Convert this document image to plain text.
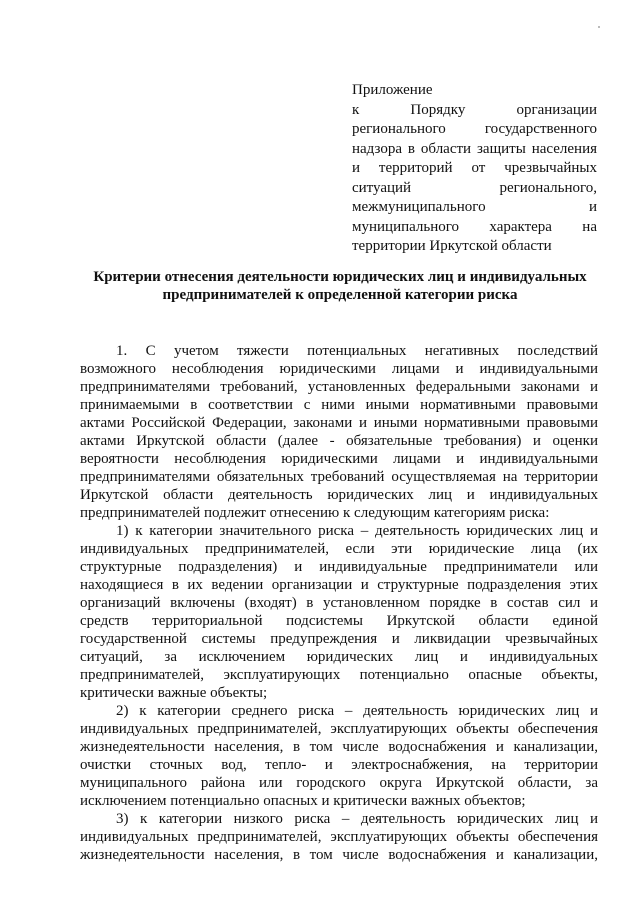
Приложение
к Порядку организации
регионального государственного
надзора в области защиты населения
и территорий от чрезвычайных
ситуаций регионального,
межмуниципального и
муниципального характера на
территории Иркутской области
Критерии отнесения деятельности юридических лиц и индивидуальных
предпринимателей к определенной категории риска
1. С учетом тяжести потенциальных негативных последствий
возможного несоблюдения юридическими лицами и индивидуальными
предпринимателями требований, установленных федеральными законами и
принимаемыми в соответствии с ними иными нормативными правовыми
актами Российской Федерации, законами и иными нормативными правовыми
актами Иркутской области (далее - обязательные требования) и оценки
вероятности несоблюдения юридическими лицами и индивидуальными
предпринимателями обязательных требований осуществляемая на территории
Иркутской области деятельность юридических лиц и индивидуальных
предпринимателей подлежит отнесению к следующим категориям риска:
1) к категории значительного риска – деятельность юридических лиц и
индивидуальных предпринимателей, если эти юридические лица (их
структурные подразделения) и индивидуальные предприниматели или
находящиеся в их ведении организации и структурные подразделения этих
организаций включены (входят) в установленном порядке в состав сил и
средств территориальной подсистемы Иркутской области единой
государственной системы предупреждения и ликвидации чрезвычайных
ситуаций, за исключением юридических лиц и индивидуальных
предпринимателей, эксплуатирующих потенциально опасные объекты,
критически важные объекты;
2) к категории среднего риска – деятельность юридических лиц и
индивидуальных предпринимателей, эксплуатирующих объекты обеспечения
жизнедеятельности населения, в том числе водоснабжения и канализации,
очистки сточных вод, тепло- и электроснабжения, на территории
муниципального района или городского округа Иркутской области, за
исключением потенциально опасных и критически важных объектов;
3) к категории низкого риска – деятельность юридических лиц и
индивидуальных предпринимателей, эксплуатирующих объекты обеспечения
жизнедеятельности населения, в том числе водоснабжения и канализации,
